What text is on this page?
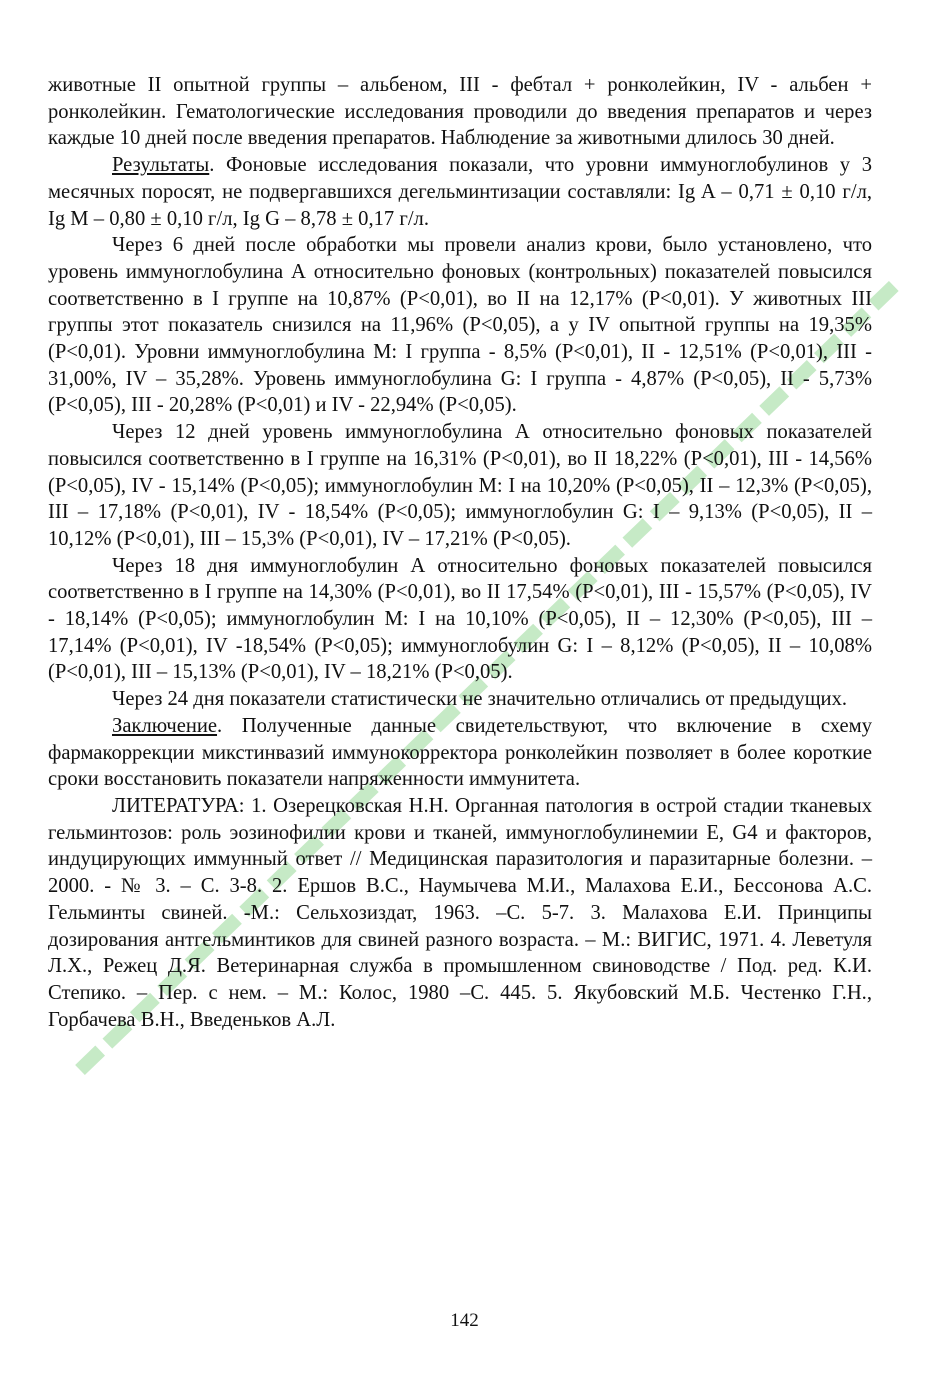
животные II опытной группы – альбеном, III - фебтал + ронколейкин, IV - альбен + ронколейкин. Гематологические исследования проводили до введения препаратов и через каждые 10 дней после введения препаратов. Наблюдение за животными длилось 30 дней.

Результаты. Фоновые исследования показали, что уровни иммуноглобулинов у 3 месячных поросят, не подвергавшихся дегельминтизации составляли: Ig A – 0,71 ± 0,10 г/л, Ig M – 0,80 ± 0,10 г/л, Ig G – 8,78 ± 0,17 г/л.

Через 6 дней после обработки мы провели анализ крови, было установлено, что уровень иммуноглобулина А относительно фоновых (контрольных) показателей повысился соответственно в I группе на 10,87% (Р<0,01), во II на 12,17% (Р<0,01). У животных III группы этот показатель снизился на 11,96% (Р<0,05), а у IV опытной группы на 19,35% (Р<0,01). Уровни иммуноглобулина М: I группа - 8,5% (Р<0,01), II - 12,51% (Р<0,01), III - 31,00%, IV – 35,28%. Уровень иммуноглобулина G: I группа - 4,87% (Р<0,05), II - 5,73% (Р<0,05), III - 20,28% (Р<0,01) и IV - 22,94% (Р<0,05).

Через 12 дней уровень иммуноглобулина А относительно фоновых показателей повысился соответственно в I группе на 16,31% (Р<0,01), во II 18,22% (Р<0,01), III - 14,56% (Р<0,05), IV - 15,14% (Р<0,05); иммуноглобулин М: I на 10,20% (Р<0,05), II – 12,3% (Р<0,05), III – 17,18% (Р<0,01), IV - 18,54% (Р<0,05); иммуноглобулин G: I – 9,13% (Р<0,05), II – 10,12% (Р<0,01), III – 15,3% (Р<0,01), IV – 17,21% (Р<0,05).

Через 18 дня иммуноглобулин А относительно фоновых показателей повысился соответственно в I группе на 14,30% (Р<0,01), во II 17,54% (Р<0,01), III - 15,57% (Р<0,05), IV - 18,14% (Р<0,05); иммуноглобулин М: I на 10,10% (Р<0,05), II – 12,30% (Р<0,05), III – 17,14% (Р<0,01), IV -18,54% (Р<0,05); иммуноглобулин G: I – 8,12% (Р<0,05), II – 10,08% (Р<0,01), III – 15,13% (Р<0,01), IV – 18,21% (Р<0,05).

Через 24 дня показатели статистически не значительно отличались от предыдущих.

Заключение. Полученные данные свидетельствуют, что включение в схему фармакоррекции микстинвазий иммунокорректора ронколейкин позволяет в более короткие сроки восстановить показатели напряженности иммунитета.

ЛИТЕРАТУРА: 1. Озерецковская Н.Н. Органная патология в острой стадии тканевых гельминтозов: роль эозинофилии крови и тканей, иммуноглобулинемии Е, G4 и факторов, индуцирующих иммунный ответ // Медицинская паразитология и паразитарные болезни. – 2000. - № 3. – С. 3-8. 2. Ершов В.С., Наумычева М.И., Малахова Е.И., Бессонова А.С. Гельминты свиней. -М.: Сельхозиздат, 1963. –С. 5-7. 3. Малахова Е.И. Принципы дозирования антгельминтиков для свиней разного возраста. – М.: ВИГИС, 1971. 4. Леветуля Л.Х., Режец Д.Я. Ветеринарная служба в промышленном свиноводстве / Под. ред. К.И. Степико. – Пер. с нем. – М.: Колос, 1980 –С. 445. 5. Якубовский М.Б. Честенко Г.Н., Горбачева В.Н., Введеньков А.Л.

142
